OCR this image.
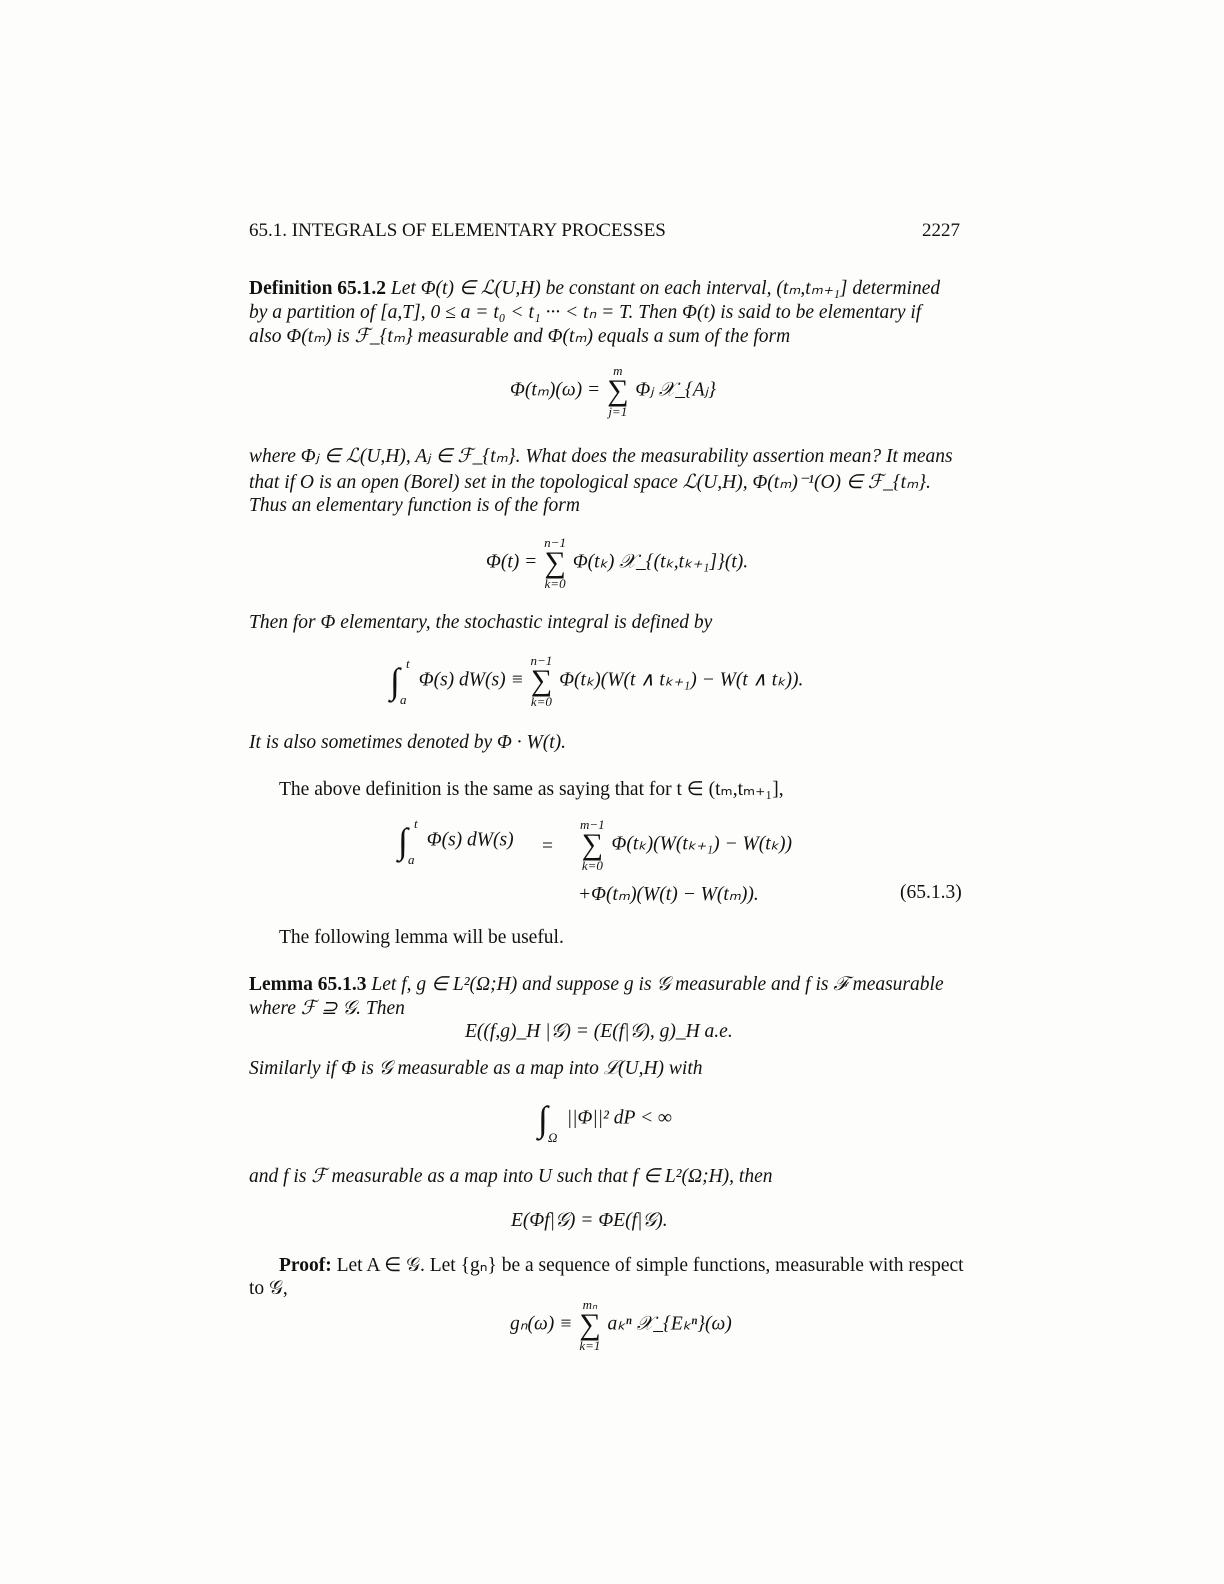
65.1. INTEGRALS OF ELEMENTARY PROCESSES	2227
Definition 65.1.2 Let Φ(t) ∈ ℒ(U,H) be constant on each interval, (tₘ,tₘ₊₁] determined
by a partition of [a,T], 0 ≤ a = t₀ < t₁ ··· < tₙ = T. Then Φ(t) is said to be elementary if
also Φ(tₘ) is ℱ_{tₘ} measurable and Φ(tₘ) equals a sum of the form
Φ(tₘ)(ω) =
m
∑
j=1
Φⱼ 𝒳_{Aⱼ}
where Φⱼ ∈ ℒ(U,H), Aⱼ ∈ ℱ_{tₘ}. What does the measurability assertion mean? It means
that if O is an open (Borel) set in the topological space ℒ(U,H), Φ(tₘ)⁻¹(O) ∈ ℱ_{tₘ}.
Thus an elementary function is of the form
Φ(t) =
n−1
∑
k=0
Φ(tₖ) 𝒳_{(tₖ,tₖ₊₁]}(t).
Then for Φ elementary, the stochastic integral is defined by
∫ t
a
Φ(s) dW(s) ≡
n−1
∑
k=0
Φ(tₖ)(W(t ∧ tₖ₊₁) − W(t ∧ tₖ)).
It is also sometimes denoted by Φ · W(t).
The above definition is the same as saying that for t ∈ (tₘ,tₘ₊₁],
∫ t
a
Φ(s) dW(s) =
m−1
∑
k=0
Φ(tₖ)(W(tₖ₊₁) − W(tₖ))
+Φ(tₘ)(W(t) − W(tₘ)).	(65.1.3)
The following lemma will be useful.
Lemma 65.1.3 Let f, g ∈ L²(Ω;H) and suppose g is 𝒢 measurable and f is ℱ measurable
where ℱ ⊇ 𝒢. Then
E((f,g)_H |𝒢) = (E(f|𝒢), g)_H a.e.
Similarly if Φ is 𝒢 measurable as a map into ℒ(U,H) with
∫ Ω
||Φ||² dP < ∞
and f is ℱ measurable as a map into U such that f ∈ L²(Ω;H), then
E(Φf|𝒢) = ΦE(f|𝒢).
Proof: Let A ∈ 𝒢. Let {gₙ} be a sequence of simple functions, measurable with respect
to 𝒢,
gₙ(ω) ≡
mₙ
∑
k=1
aₖⁿ 𝒳_{Eₖⁿ}(ω)
